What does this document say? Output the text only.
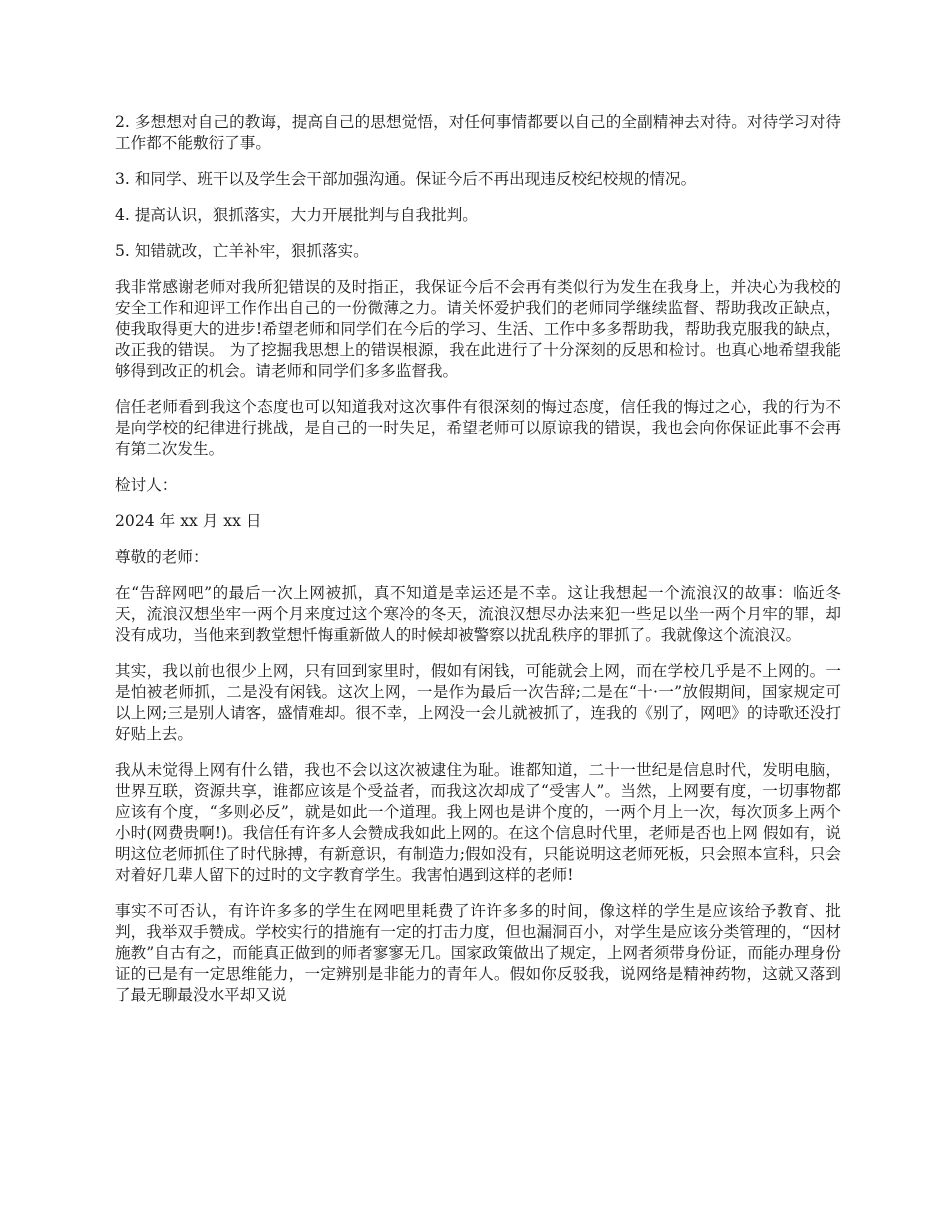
2. 多想想对自己的教诲，提高自己的思想觉悟，对任何事情都要以自己的全副精神去对待。对待学习对待工作都不能敷衍了事。

3. 和同学、班干以及学生会干部加强沟通。保证今后不再出现违反校纪校规的情况。

4. 提高认识，狠抓落实，大力开展批判与自我批判。

5. 知错就改，亡羊补牢，狠抓落实。

我非常感谢老师对我所犯错误的及时指正，我保证今后不会再有类似行为发生在我身上，并决心为我校的安全工作和迎评工作作出自己的一份微薄之力。请关怀爱护我们的老师同学继续监督、帮助我改正缺点，使我取得更大的进步!希望老师和同学们在今后的学习、生活、工作中多多帮助我，帮助我克服我的缺点，改正我的错误。 为了挖掘我思想上的错误根源，我在此进行了十分深刻的反思和检讨。也真心地希望我能够得到改正的机会。请老师和同学们多多监督我。

信任老师看到我这个态度也可以知道我对这次事件有很深刻的悔过态度，信任我的悔过之心，我的行为不是向学校的纪律进行挑战，是自己的一时失足，希望老师可以原谅我的错误，我也会向你保证此事不会再有第二次发生。

检讨人：

2024 年 xx 月 xx 日

尊敬的老师：

在“告辞网吧”的最后一次上网被抓，真不知道是幸运还是不幸。这让我想起一个流浪汉的故事：临近冬天，流浪汉想坐牢一两个月来度过这个寒冷的冬天，流浪汉想尽办法来犯一些足以坐一两个月牢的罪，却没有成功，当他来到教堂想忏悔重新做人的时候却被警察以扰乱秩序的罪抓了。我就像这个流浪汉。

其实，我以前也很少上网，只有回到家里时，假如有闲钱，可能就会上网，而在学校几乎是不上网的。一是怕被老师抓，二是没有闲钱。这次上网，一是作为最后一次告辞;二是在“十·一”放假期间，国家规定可以上网;三是别人请客，盛情难却。很不幸，上网没一会儿就被抓了，连我的《别了，网吧》的诗歌还没打好贴上去。

我从未觉得上网有什么错，我也不会以这次被逮住为耻。谁都知道，二十一世纪是信息时代，发明电脑，世界互联，资源共享，谁都应该是个受益者，而我这次却成了“受害人”。当然，上网要有度，一切事物都应该有个度，“多则必反”，就是如此一个道理。我上网也是讲个度的，一两个月上一次，每次顶多上两个小时(网费贵啊!)。我信任有许多人会赞成我如此上网的。在这个信息时代里，老师是否也上网 假如有，说明这位老师抓住了时代脉搏，有新意识，有制造力;假如没有，只能说明这老师死板，只会照本宣科，只会对着好几辈人留下的过时的文字教育学生。我害怕遇到这样的老师!

事实不可否认，有许许多多的学生在网吧里耗费了许许多多的时间，像这样的学生是应该给予教育、批判，我举双手赞成。学校实行的措施有一定的打击力度，但也漏洞百小，对学生是应该分类管理的，“因材施教”自古有之，而能真正做到的师者寥寥无几。国家政策做出了规定，上网者须带身份证，而能办理身份证的已是有一定思维能力，一定辨别是非能力的青年人。假如你反驳我，说网络是精神药物，这就又落到了最无聊最没水平却又说
